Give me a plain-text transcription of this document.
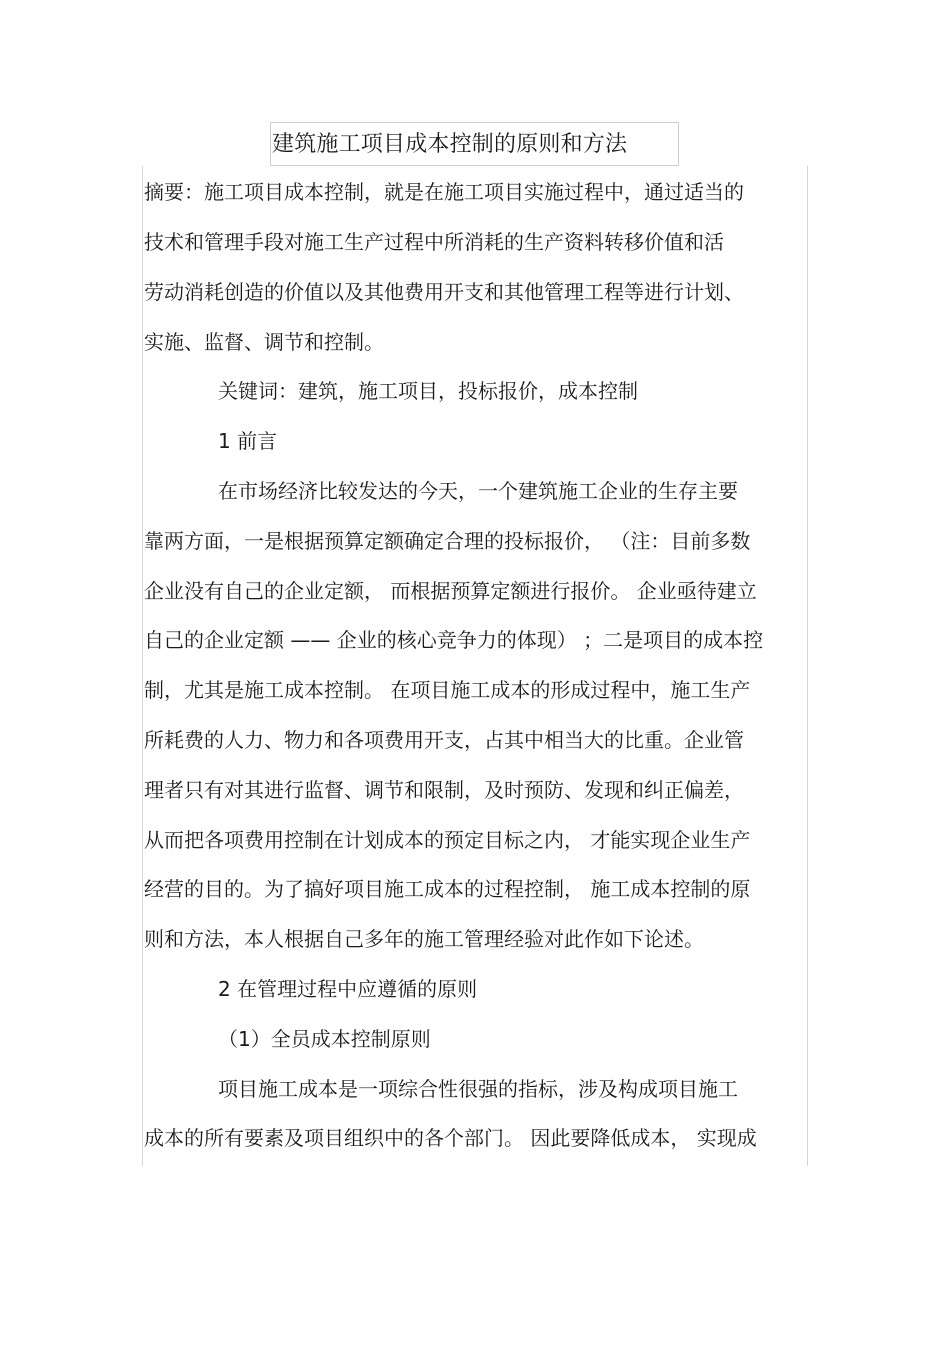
建筑施工项目成本控制的原则和方法
摘要：施工项目成本控制，就是在施工项目实施过程中，通过适当的
技术和管理手段对施工生产过程中所消耗的生产资料转移价值和活
劳动消耗创造的价值以及其他费用开支和其他管理工程等进行计划、
实施、监督、调节和控制。
关键词：建筑，施工项目，投标报价，成本控制
1 前言
在市场经济比较发达的今天，一个建筑施工企业的生存主要
靠两方面，一是根据预算定额确定合理的投标报价， （注：目前多数
企业没有自己的企业定额， 而根据预算定额进行报价。 企业亟待建立
自己的企业定额 —— 企业的核心竞争力的体现） ；二是项目的成本控
制，尤其是施工成本控制。 在项目施工成本的形成过程中，施工生产
所耗费的人力、物力和各项费用开支，占其中相当大的比重。企业管
理者只有对其进行监督、调节和限制，及时预防、发现和纠正偏差，
从而把各项费用控制在计划成本的预定目标之内， 才能实现企业生产
经营的目的。为了搞好项目施工成本的过程控制， 施工成本控制的原
则和方法，本人根据自己多年的施工管理经验对此作如下论述。
2 在管理过程中应遵循的原则
（1）全员成本控制原则
项目施工成本是一项综合性很强的指标，涉及构成项目施工
成本的所有要素及项目组织中的各个部门。 因此要降低成本， 实现成
